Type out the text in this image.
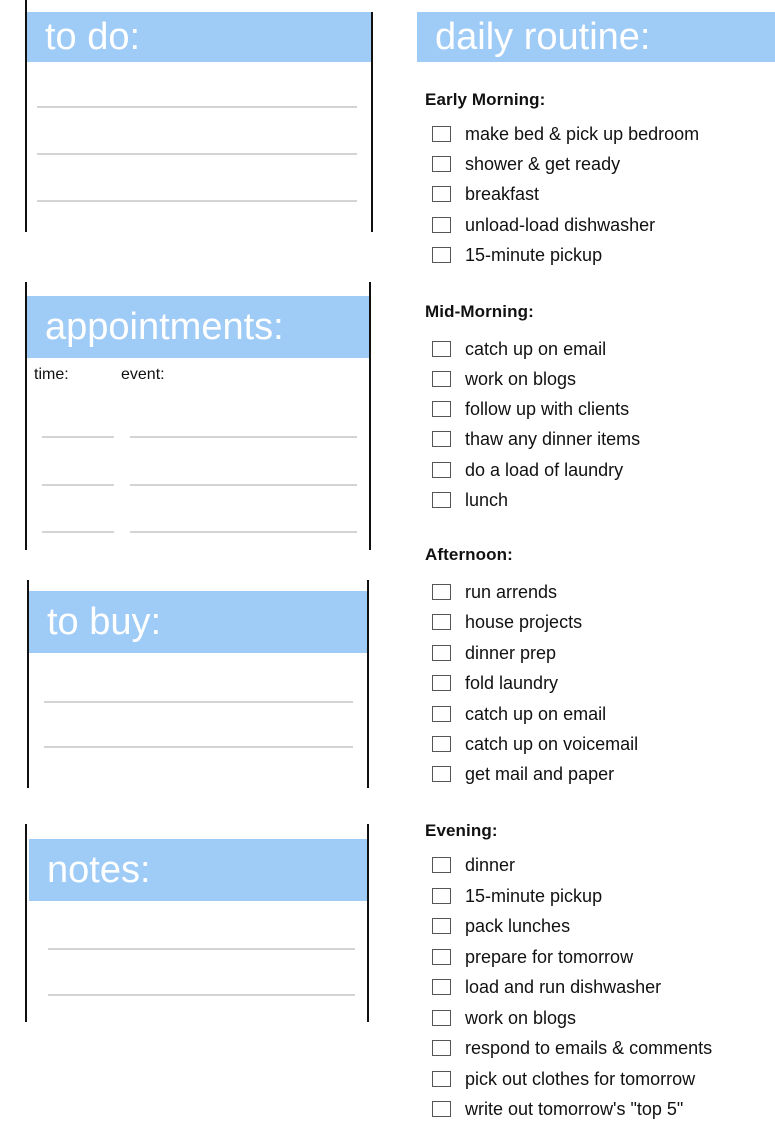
to do:
appointments:
time:	event:
to buy:
notes:
daily routine:
Early Morning:
make bed & pick up bedroom
shower & get ready
breakfast
unload-load dishwasher
15-minute pickup
Mid-Morning:
catch up on email
work on blogs
follow up with clients
thaw any dinner items
do a load of laundry
lunch
Afternoon:
run arrends
house projects
dinner prep
fold laundry
catch up on email
catch up on voicemail
get mail and paper
Evening:
dinner
15-minute pickup
pack lunches
prepare for tomorrow
load and run dishwasher
work on blogs
respond to emails & comments
pick out clothes for tomorrow
write out tomorrow's "top 5"
